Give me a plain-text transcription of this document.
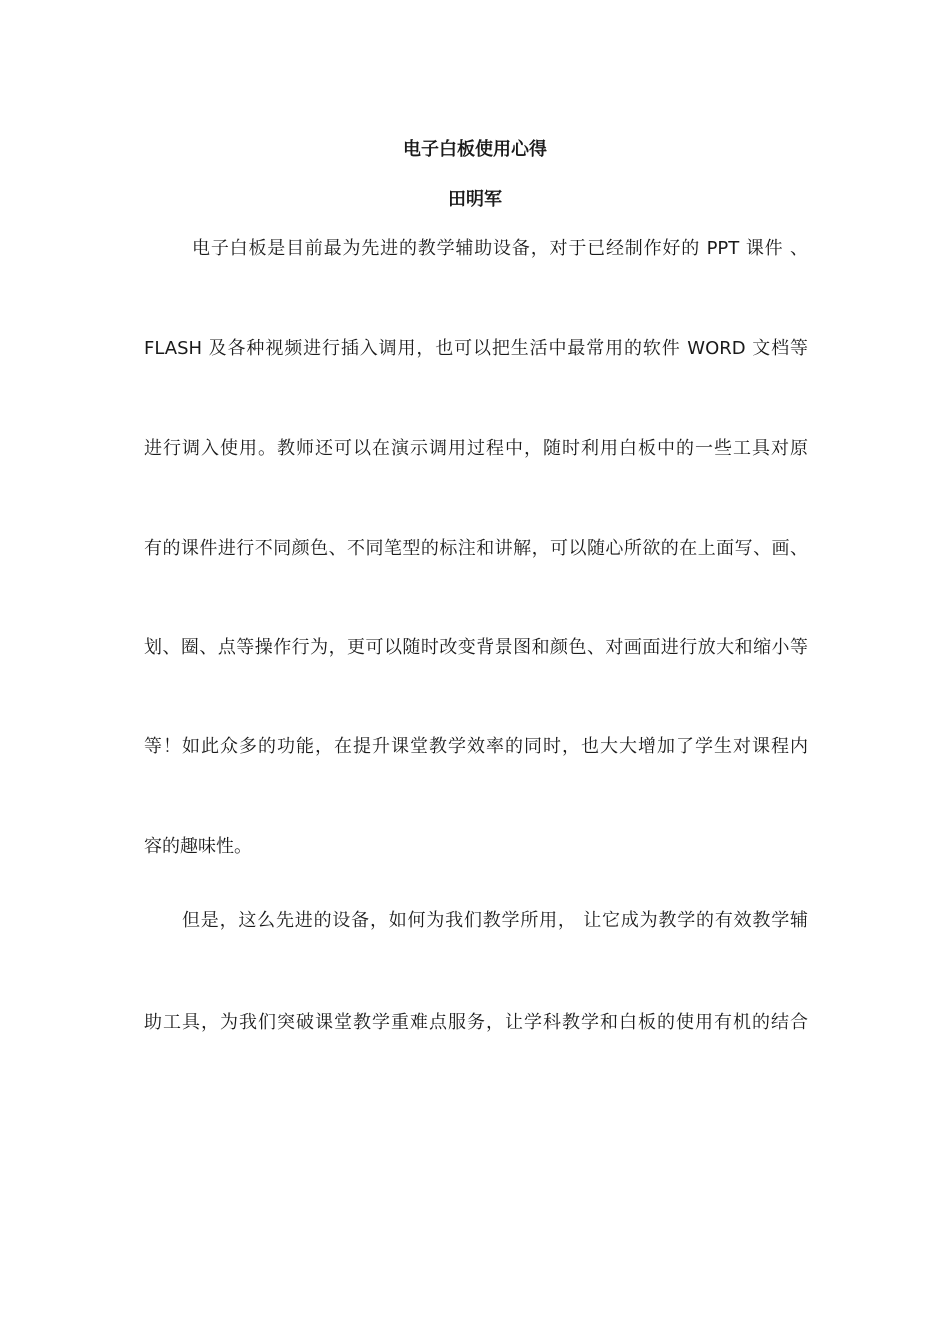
电子白板使用心得
田明军

电子白板是目前最为先进的教学辅助设备，对于已经制作好的 PPT 课件 、

FLASH 及各种视频进行插入调用，也可以把生活中最常用的软件 WORD 文档等

进行调入使用。教师还可以在演示调用过程中，随时利用白板中的一些工具对原

有的课件进行不同颜色、不同笔型的标注和讲解，可以随心所欲的在上面写、画、

划、圈、点等操作行为，更可以随时改变背景图和颜色、对画面进行放大和缩小等

等！如此众多的功能，在提升课堂教学效率的同时，也大大增加了学生对课程内

容的趣味性。

但是，这么先进的设备，如何为我们教学所用， 让它成为教学的有效教学辅

助工具，为我们突破课堂教学重难点服务，让学科教学和白板的使用有机的结合
